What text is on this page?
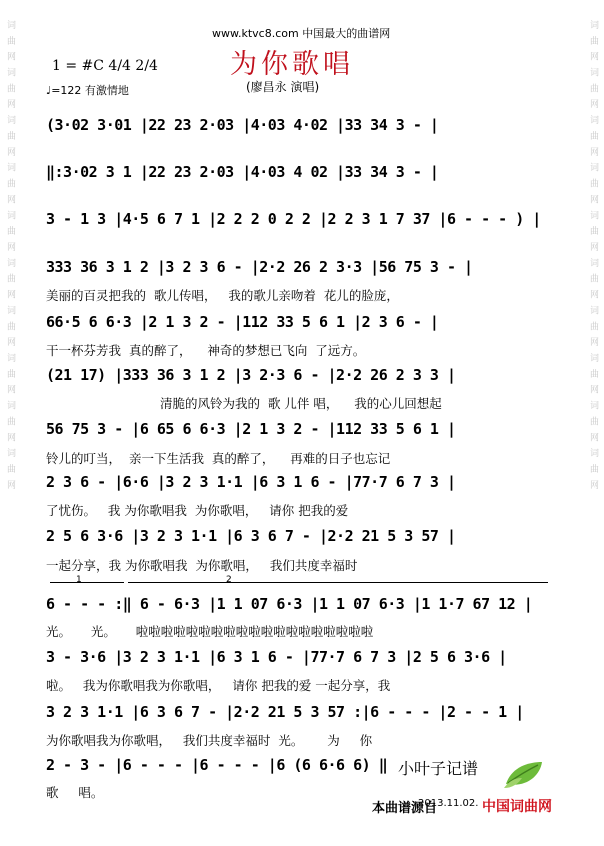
词 曲 网 词 曲 网 词 曲 网 词 曲 网 词 曲 网 词 曲 网 词 曲 网 词 曲 网 词 曲 网 词 曲 网	词 曲 网 词 曲 网 词 曲 网 词 曲 网 词 曲 网 词 曲 网 词 曲 网 词 曲 网 词 曲 网 词 曲 网
www.ktvc8.com 中国最大的曲谱网
为你歌唱
(廖昌永 演唱)
1 = #C 4/4 2/4
♩=122 有激情地
(3·02 3·01 |22 23 2·03 |4·03 4·02 |33 34 3 - |
‖:3·02 3 1 |22 23 2·03 |4·03 4 02 |33 34 3 - |
3 - 1 3 |4·5 6 7 1 |2 2 2 0 2 2 |2 2 3 1 7 37 |6 - - - ) |
333 36 3 1 2 |3 2 3 6 - |2·2 26 2 3·3 |56 75 3 - |
美丽的百灵把我的  歌儿传唱，   我的歌儿亲吻着  花儿的脸庞，
66·5 6 6·3 |2 1 3 2 - |112 33 5 6 1 |2 3 6 - |
干一杯芬芳我  真的醉了，    神奇的梦想已飞向  了远方。
(21 17) |333 36 3 1 2 |3 2·3 6 - |2·2 26 2 3 3 |
清脆的风铃为我的  歌 儿伴 唱，    我的心儿回想起
56 75 3 - |6 65 6 6·3 |2 1 3 2 - |112 33 5 6 1 |
铃儿的叮当，  亲一下生活我  真的醉了，    再难的日子也忘记
2 3 6 - |6·6 |3 2 3 1·1 |6 3 1 6 - |77·7 6 7 3 |
了忧伤。   我 为你歌唱我  为你歌唱，   请你 把我的爱
2 5 6 3·6 |3 2 3 1·1 |6 3 6 7 - |2·2 21 5 3 57 |
一起分享，我 为你歌唱我  为你歌唱，   我们共度幸福时
1	2
6 - - - :‖ 6 - 6·3 |1 1 07 6·3 |1 1 07 6·3 |1 1·7 67 12 |
光。     光。     啦啦啦啦啦啦啦啦啦啦啦啦啦啦啦啦啦啦啦
3 - 3·6 |3 2 3 1·1 |6 3 1 6 - |77·7 6 7 3 |2 5 6 3·6 |
啦。   我为你歌唱我为你歌唱，   请你 把我的爱 一起分享，我
3 2 3 1·1 |6 3 6 7 - |2·2 21 5 3 57 :|6 - - - |2 - - 1 |
为你歌唱我为你歌唱，   我们共度幸福时  光。      为     你
2 - 3 - |6 - - - |6 - - - |6 (6 6·6 6) ‖
歌     唱。
小叶子记谱
2013.11.02.
本曲谱源自	中国词曲网
